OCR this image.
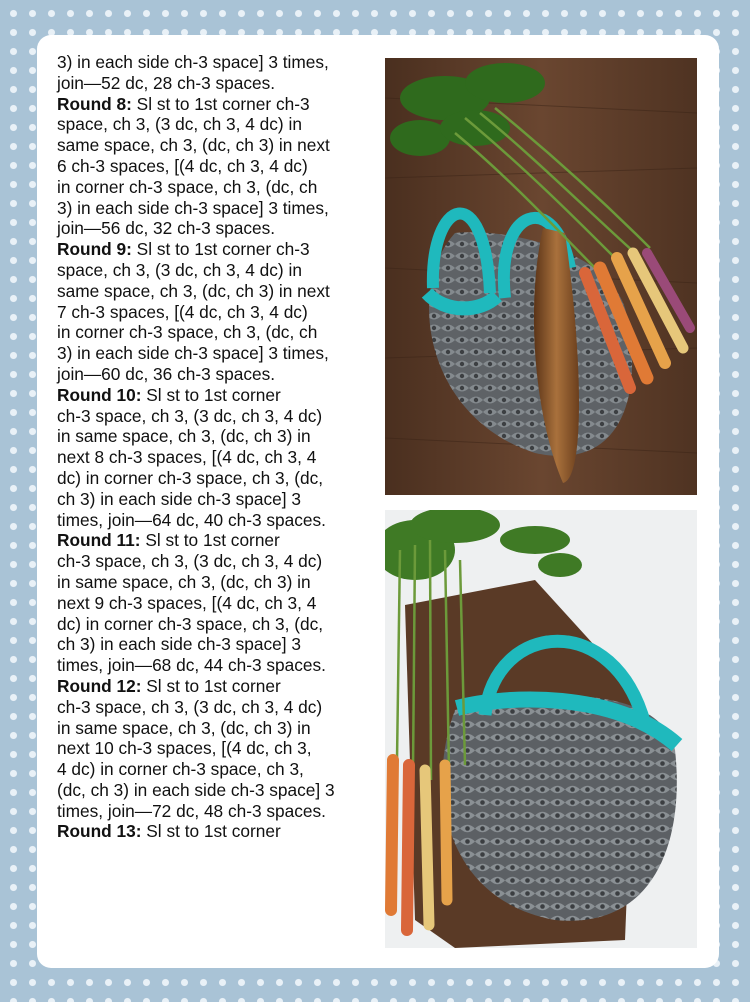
3) in each side ch-3 space] 3 times,
join—52 dc, 28 ch-3 spaces.
Round 8: Sl st to 1st corner ch-3
space, ch 3, (3 dc, ch 3, 4 dc) in
same space, ch 3, (dc, ch 3) in next
6 ch-3 spaces, [(4 dc, ch 3, 4 dc)
in corner ch-3 space, ch 3, (dc, ch
3) in each side ch-3 space] 3 times,
join—56 dc, 32 ch-3 spaces.
Round 9: Sl st to 1st corner ch-3
space, ch 3, (3 dc, ch 3, 4 dc) in
same space, ch 3, (dc, ch 3) in next
7 ch-3 spaces, [(4 dc, ch 3, 4 dc)
in corner ch-3 space, ch 3, (dc, ch
3) in each side ch-3 space] 3 times,
join—60 dc, 36 ch-3 spaces.
Round 10: Sl st to 1st corner
ch-3 space, ch 3, (3 dc, ch 3, 4 dc)
in same space, ch 3, (dc, ch 3) in
next 8 ch-3 spaces, [(4 dc, ch 3, 4
dc) in corner ch-3 space, ch 3, (dc,
ch 3) in each side ch-3 space] 3
times, join—64 dc, 40 ch-3 spaces.
Round 11: Sl st to 1st corner
ch-3 space, ch 3, (3 dc, ch 3, 4 dc)
in same space, ch 3, (dc, ch 3) in
next 9 ch-3 spaces, [(4 dc, ch 3, 4
dc) in corner ch-3 space, ch 3, (dc,
ch 3) in each side ch-3 space] 3
times, join—68 dc, 44 ch-3 spaces.
Round 12: Sl st to 1st corner
ch-3 space, ch 3, (3 dc, ch 3, 4 dc)
in same space, ch 3, (dc, ch 3) in
next 10 ch-3 spaces, [(4 dc, ch 3,
4 dc) in corner ch-3 space, ch 3,
(dc, ch 3) in each side ch-3 space] 3
times, join—72 dc, 48 ch-3 spaces.
Round 13: Sl st to 1st corner
